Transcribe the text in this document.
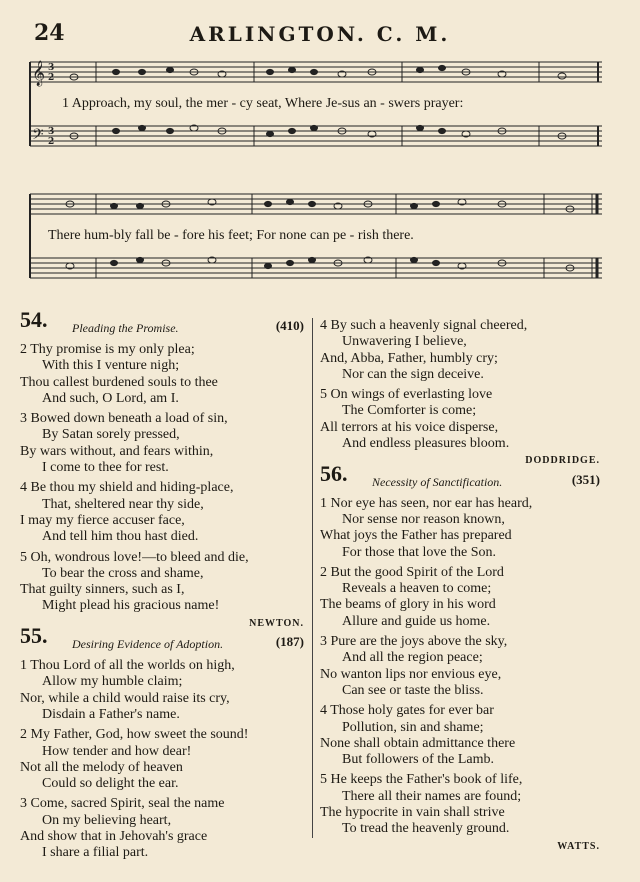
24	ARLINGTON. C. M.
𝄞
𝄢
3
2
3
2
1 Approach, my soul, the mer - cy seat, Where Je-sus an - swers prayer:
There hum-bly fall be - fore his feet; For none can pe - rish there.
54. Pleading the Promise.	(410)
2 Thy promise is my only plea;
With this I venture nigh;
Thou callest burdened souls to thee
And such, O Lord, am I.
3 Bowed down beneath a load of sin,
By Satan sorely pressed,
By wars without, and fears within,
I come to thee for rest.
4 Be thou my shield and hiding-place,
That, sheltered near thy side,
I may my fierce accuser face,
And tell him thou hast died.
5 Oh, wondrous love!—to bleed and die,
To bear the cross and shame,
That guilty sinners, such as I,
Might plead his gracious name!
NEWTON.
55. Desiring Evidence of Adoption.	(187)
1 Thou Lord of all the worlds on high,
Allow my humble claim;
Nor, while a child would raise its cry,
Disdain a Father's name.
2 My Father, God, how sweet the sound!
How tender and how dear!
Not all the melody of heaven
Could so delight the ear.
3 Come, sacred Spirit, seal the name
On my believing heart,
And show that in Jehovah's grace
I share a filial part.
4 By such a heavenly signal cheered,
Unwavering I believe,
And, Abba, Father, humbly cry;
Nor can the sign deceive.
5 On wings of everlasting love
The Comforter is come;
All terrors at his voice disperse,
And endless pleasures bloom.
DODDRIDGE.
56. Necessity of Sanctification.	(351)
1 Nor eye has seen, nor ear has heard,
Nor sense nor reason known,
What joys the Father has prepared
For those that love the Son.
2 But the good Spirit of the Lord
Reveals a heaven to come;
The beams of glory in his word
Allure and guide us home.
3 Pure are the joys above the sky,
And all the region peace;
No wanton lips nor envious eye,
Can see or taste the bliss.
4 Those holy gates for ever bar
Pollution, sin and shame;
None shall obtain admittance there
But followers of the Lamb.
5 He keeps the Father's book of life,
There all their names are found;
The hypocrite in vain shall strive
To tread the heavenly ground.
WATTS.
